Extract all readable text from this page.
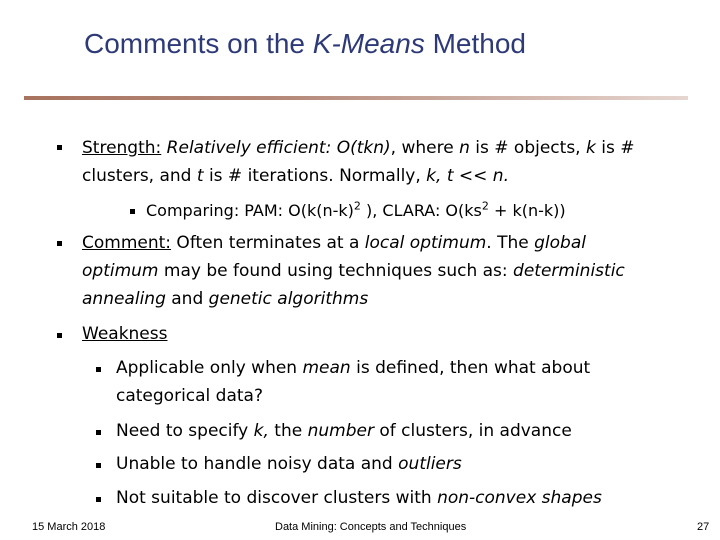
Comments on the K-Means Method
Strength: Relatively efficient: O(tkn), where n is # objects, k is #
clusters, and t is # iterations. Normally, k, t << n.
Comparing: PAM: $O(k(n-k)^2$ ), CLARA: $O(ks^2 + k(n-k))$
Comment: Often terminates at a local optimum. The global
optimum may be found using techniques such as: deterministic
annealing and genetic algorithms
Weakness
Applicable only when mean is defined, then what about
categorical data?
Need to specify k, the number of clusters, in advance
Unable to handle noisy data and outliers
Not suitable to discover clusters with non-convex shapes
15 March 2018	Data Mining: Concepts and Techniques	27
